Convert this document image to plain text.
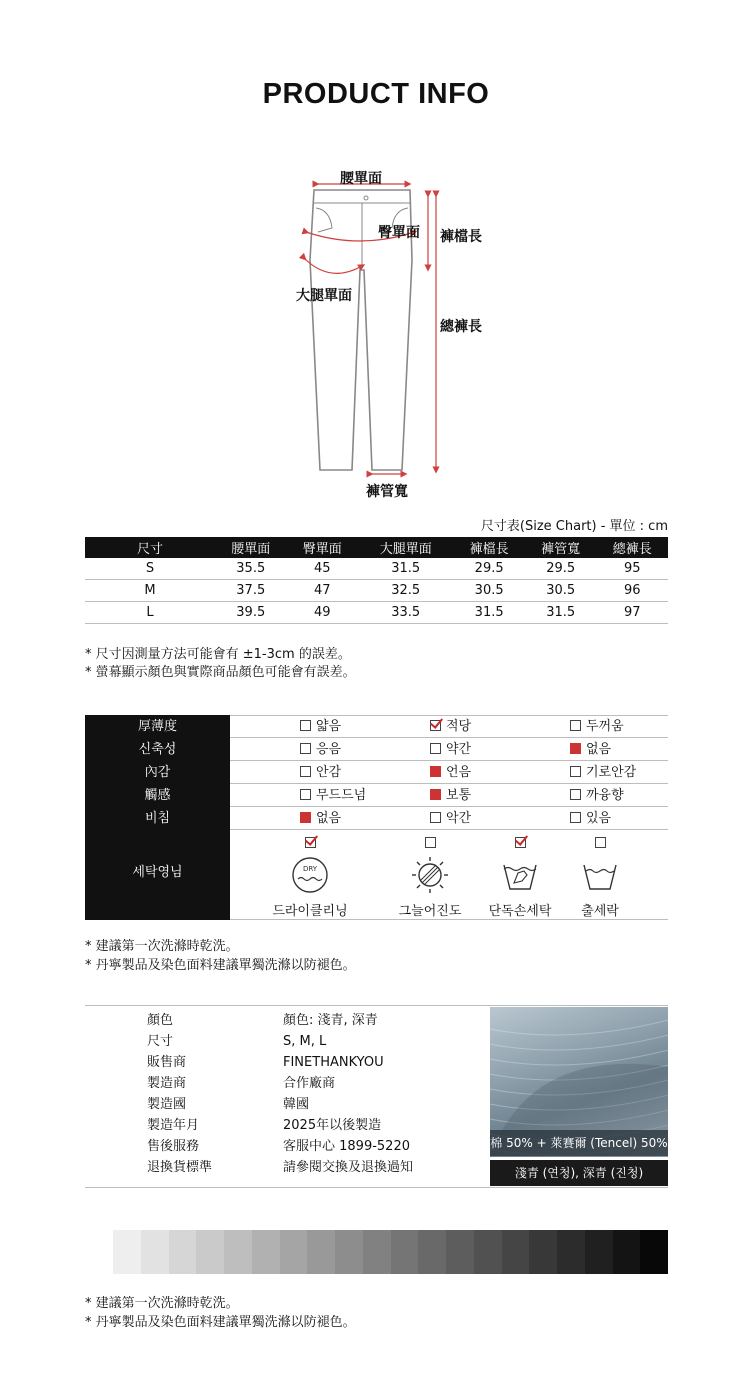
PRODUCT INFO
腰單面
臀單面 褲檔長
大腿單面
總褲長
褲管寬
尺寸表(Size Chart) - 單位 : cm
尺寸	腰單面	臀單面	大腿單面	褲檔長	褲管寬	總褲長
S	35.5	45	31.5	29.5	29.5	95
M	37.5	47	32.5	30.5	30.5	96
L	39.5	49	33.5	31.5	31.5	97
* 尺寸因測量方法可能會有 ±1-3cm 的誤差。
* 螢幕顯示顏色與實際商品顏色可能會有誤差。
厚薄度	얇음	적당	두꺼움
신축성	응음	약간	없음
內감	안감	언음	기로안감
觸感	무드드넘	보통	까융향
비침	없음	악간	있음
세탁영님	DRY
드라이클리닝	그늘어진도	단독손세탁	출세락
* 建議第一次洗滌時乾洗。
* 丹寧製品及染色面料建議單獨洗滌以防褪色。
顏色	顏色: 淺青, 深青
尺寸	S, M, L
販售商	FINETHANKYOU
製造商	合作廠商
製造國	韓國
製造年月	2025年以後製造
售後服務	客服中心 1899-5220
退換貨標準	請參閱交換及退換過知
棉 50% + 萊賽爾 (Tencel) 50%
淺青 (연청), 深青 (진청)
* 建議第一次洗滌時乾洗。
* 丹寧製品及染色面料建議單獨洗滌以防褪色。
